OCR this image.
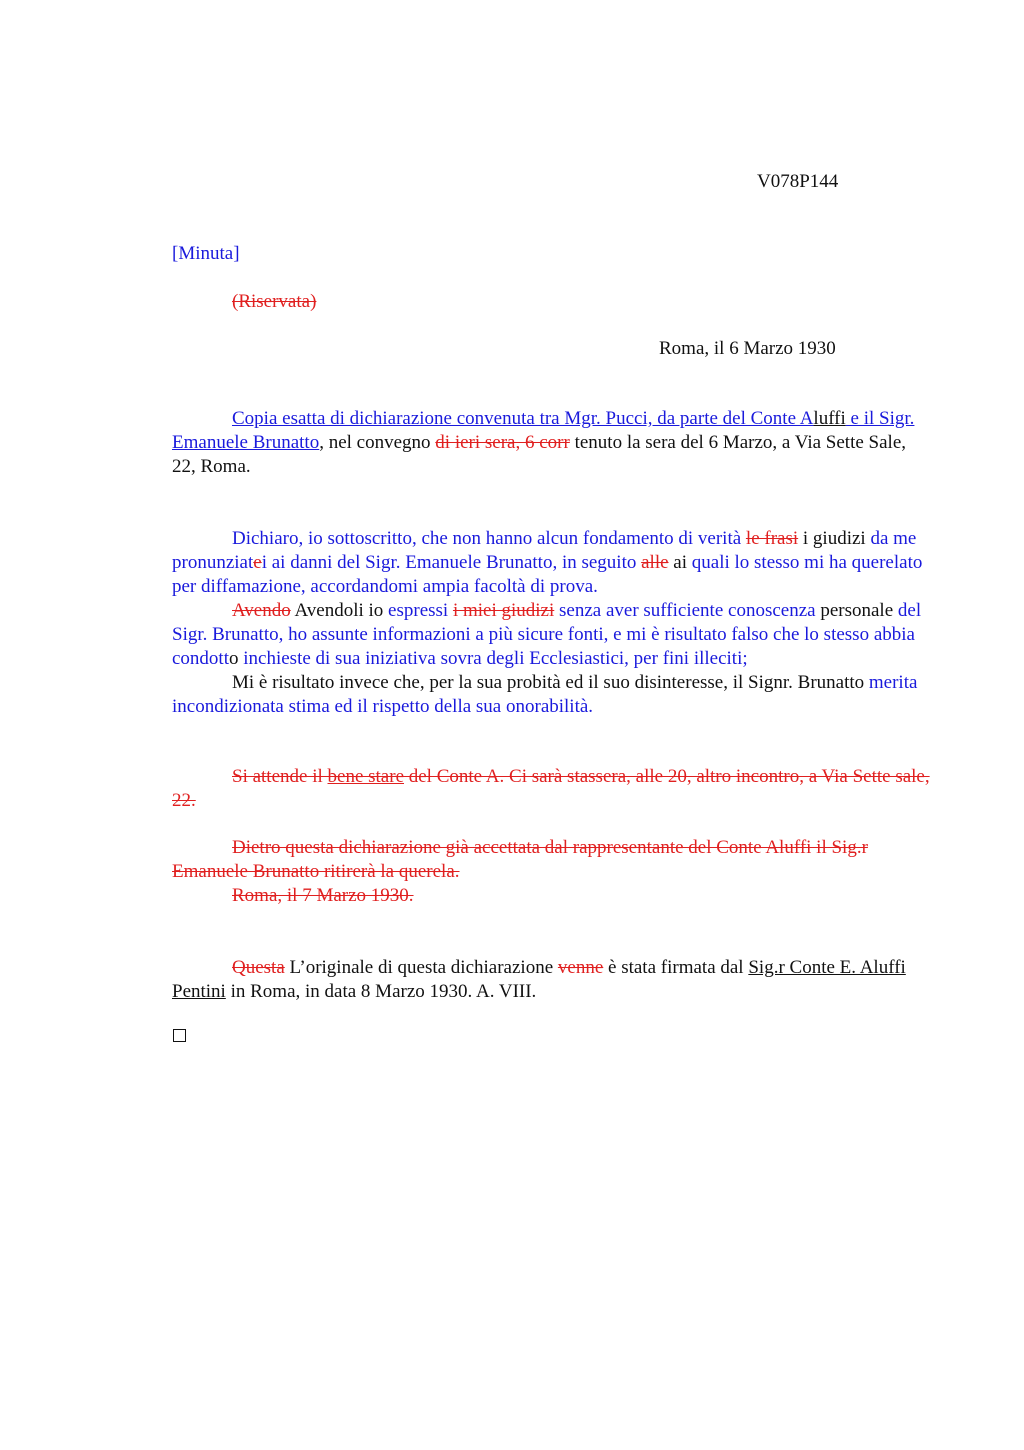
V078P144
[Minuta]
(Riservata)
Roma, il 6 Marzo 1930

Copia esatta di dichiarazione convenuta tra Mgr. Pucci, da parte del Conte Aluffi e il Sigr. Emanuele Brunatto, nel convegno di ieri sera, 6 corr tenuto la sera del 6 Marzo, a Via Sette Sale, 22, Roma.

Dichiaro, io sottoscritto, che non hanno alcun fondamento di verità le frasi i giudizi da me pronunziatei ai danni del Sigr. Emanuele Brunatto, in seguito alle ai quali lo stesso mi ha querelato per diffamazione, accordandomi ampia facoltà di prova.

Avendo Avendoli io espressi i miei giudizi senza aver sufficiente conoscenza personale del Sigr. Brunatto, ho assunte informazioni a più sicure fonti, e mi è risultato falso che lo stesso abbia condotto inchieste di sua iniziativa sovra degli Ecclesiastici, per fini illeciti;

Mi è risultato invece che, per la sua probità ed il suo disinteresse, il Signr. Brunatto merita incondizionata stima ed il rispetto della sua onorabilità.

Si attende il bene stare del Conte A. Ci sarà stassera, alle 20, altro incontro, a Via Sette sale, 22.

Dietro questa dichiarazione già accettata dal rappresentante del Conte Aluffi il Sig.r Emanuele Brunatto ritirerà la querela.

Roma, il 7 Marzo 1930.

Questa L’originale di questa dichiarazione venne è stata firmata dal Sig.r Conte E. Aluffi Pentini in Roma, in data 8 Marzo 1930. A. VIII.
